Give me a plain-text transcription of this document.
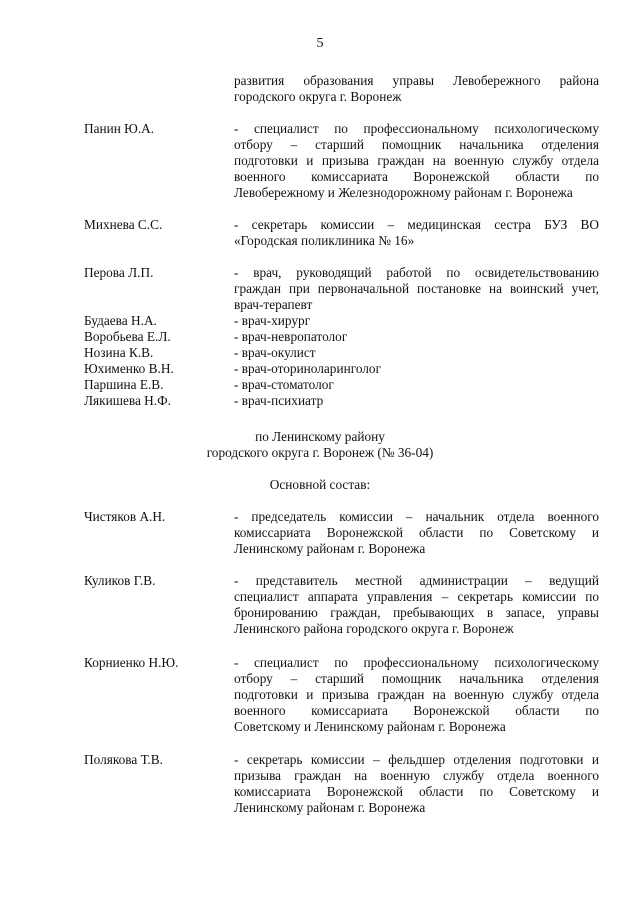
5
развития образования управы Левобережного района
городского округа г. Воронеж
Панин Ю.А.	- специалист по профессиональному психологическому
отбору – старший помощник начальника отделения
подготовки и призыва граждан на военную службу отдела
военного комиссариата Воронежской области по
Левобережному и Железнодорожному районам г. Воронежа
Михнева С.С.	- секретарь комиссии – медицинская сестра БУЗ ВО
«Городская поликлиника № 16»
Перова Л.П.	- врач, руководящий работой по освидетельствованию
граждан при первоначальной постановке на воинский учет,
врач-терапевт
Будаева Н.А.	- врач-хирург
Воробьева Е.Л.	- врач-невропатолог
Нозина К.В.	- врач-окулист
Юхименко В.Н.	- врач-оториноларинголог
Паршина Е.В.	- врач-стоматолог
Лякишева Н.Ф.	- врач-психиатр
по Ленинскому району
городского округа г. Воронеж (№ 36-04)
Основной состав:
Чистяков А.Н.	- председатель комиссии – начальник отдела военного
комиссариата Воронежской области по Советскому и
Ленинскому районам г. Воронежа
Куликов Г.В.	- представитель местной администрации – ведущий
специалист аппарата управления – секретарь комиссии по
бронированию граждан, пребывающих в запасе, управы
Ленинского района городского округа г. Воронеж
Корниенко Н.Ю.	- специалист по профессиональному психологическому
отбору – старший помощник начальника отделения
подготовки и призыва граждан на военную службу отдела
военного комиссариата Воронежской области по
Советскому и Ленинскому районам г. Воронежа
Полякова Т.В.	- секретарь комиссии – фельдшер отделения подготовки и
призыва граждан на военную службу отдела военного
комиссариата Воронежской области по Советскому и
Ленинскому районам г. Воронежа
